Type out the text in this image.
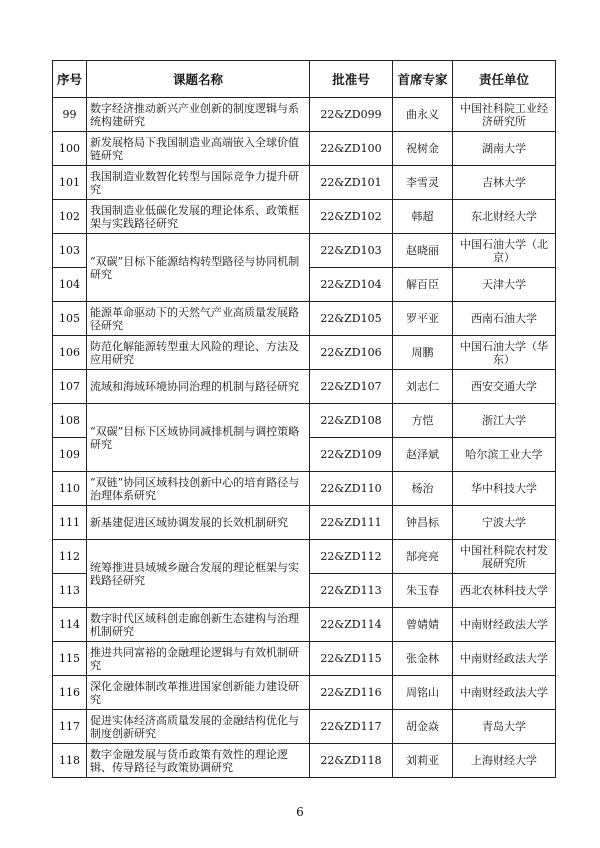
序号	课题名称	批准号	首席专家	责任单位
99	数字经济推动新兴产业创新的制度逻辑与系统构建研究	22&ZD099	曲永义	中国社科院工业经济研究所
100	新发展格局下我国制造业高端嵌入全球价值链研究	22&ZD100	祝树金	湖南大学
101	我国制造业数智化转型与国际竞争力提升研究	22&ZD101	李雪灵	吉林大学
102	我国制造业低碳化发展的理论体系、政策框架与实践路径研究	22&ZD102	韩超	东北财经大学
103	“双碳”目标下能源结构转型路径与协同机制研究	22&ZD103	赵晓丽	中国石油大学（北京）
104		22&ZD104	解百臣	天津大学
105	能源革命驱动下的天然气产业高质量发展路径研究	22&ZD105	罗平亚	西南石油大学
106	防范化解能源转型重大风险的理论、方法及应用研究	22&ZD106	周鹏	中国石油大学（华东）
107	流域和海域环境协同治理的机制与路径研究	22&ZD107	刘志仁	西安交通大学
108	“双碳”目标下区域协同减排机制与调控策略研究	22&ZD108	方恺	浙江大学
109		22&ZD109	赵泽斌	哈尔滨工业大学
110	“双链”协同区域科技创新中心的培育路径与治理体系研究	22&ZD110	杨治	华中科技大学
111	新基建促进区域协调发展的长效机制研究	22&ZD111	钟昌标	宁波大学
112	统筹推进县域城乡融合发展的理论框架与实践路径研究	22&ZD112	郜亮亮	中国社科院农村发展研究所
113		22&ZD113	朱玉春	西北农林科技大学
114	数字时代区域科创走廊创新生态建构与治理机制研究	22&ZD114	曾婧婧	中南财经政法大学
115	推进共同富裕的金融理论逻辑与有效机制研究	22&ZD115	张金林	中南财经政法大学
116	深化金融体制改革推进国家创新能力建设研究	22&ZD116	周铭山	中南财经政法大学
117	促进实体经济高质量发展的金融结构优化与制度创新研究	22&ZD117	胡金焱	青岛大学
118	数字金融发展与货币政策有效性的理论逻辑、传导路径与政策协调研究	22&ZD118	刘莉亚	上海财经大学
6
